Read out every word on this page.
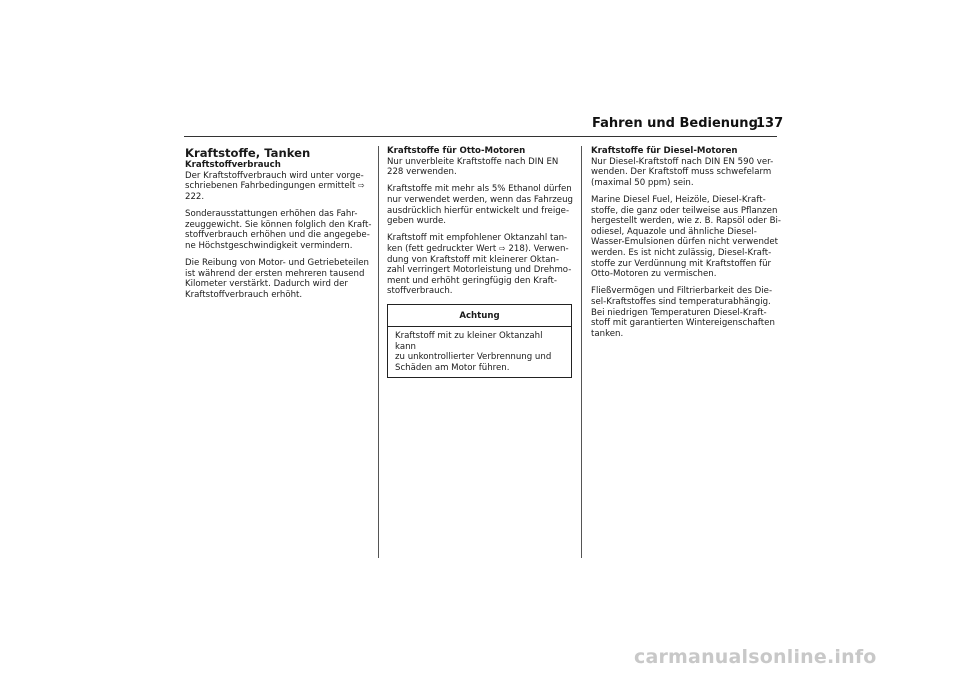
Fahren und Bedienung
137
Kraftstoffe, Tanken
Kraftstoffverbrauch

Der Kraftstoffverbrauch wird unter vorge-
schriebenen Fahrbedingungen ermittelt ⇨
222.

Sonderausstattungen erhöhen das Fahr-
zeuggewicht. Sie können folglich den Kraft-
stoffverbrauch erhöhen und die angegebe-
ne Höchstgeschwindigkeit vermindern.

Die Reibung von Motor- und Getriebeteilen
ist während der ersten mehreren tausend
Kilometer verstärkt. Dadurch wird der
Kraftstoffverbrauch erhöht.

Kraftstoffe für Otto-Motoren

Nur unverbleite Kraftstoffe nach DIN EN
228 verwenden.

Kraftstoffe mit mehr als 5% Ethanol dürfen
nur verwendet werden, wenn das Fahrzeug
ausdrücklich hierfür entwickelt und freige-
geben wurde.

Kraftstoff mit empfohlener Oktanzahl tan-
ken (fett gedruckter Wert ⇨ 218). Verwen-
dung von Kraftstoff mit kleinerer Oktan-
zahl verringert Motorleistung und Drehmo-
ment und erhöht geringfügig den Kraft-
stoffverbrauch.

Achtung
Kraftstoff mit zu kleiner Oktanzahl kann
zu unkontrollierter Verbrennung und
Schäden am Motor führen.
Kraftstoffe für Diesel-Motoren

Nur Diesel-Kraftstoff nach DIN EN 590 ver-
wenden. Der Kraftstoff muss schwefelarm
(maximal 50 ppm) sein.

Marine Diesel Fuel, Heizöle, Diesel-Kraft-
stoffe, die ganz oder teilweise aus Pflanzen
hergestellt werden, wie z. B. Rapsöl oder Bi-
odiesel, Aquazole und ähnliche Diesel-
Wasser-Emulsionen dürfen nicht verwendet
werden. Es ist nicht zulässig, Diesel-Kraft-
stoffe zur Verdünnung mit Kraftstoffen für
Otto-Motoren zu vermischen.

Fließvermögen und Filtrierbarkeit des Die-
sel-Kraftstoffes sind temperaturabhängig.
Bei niedrigen Temperaturen Diesel-Kraft-
stoff mit garantierten Wintereigenschaften
tanken.

carmanualsonline.info
